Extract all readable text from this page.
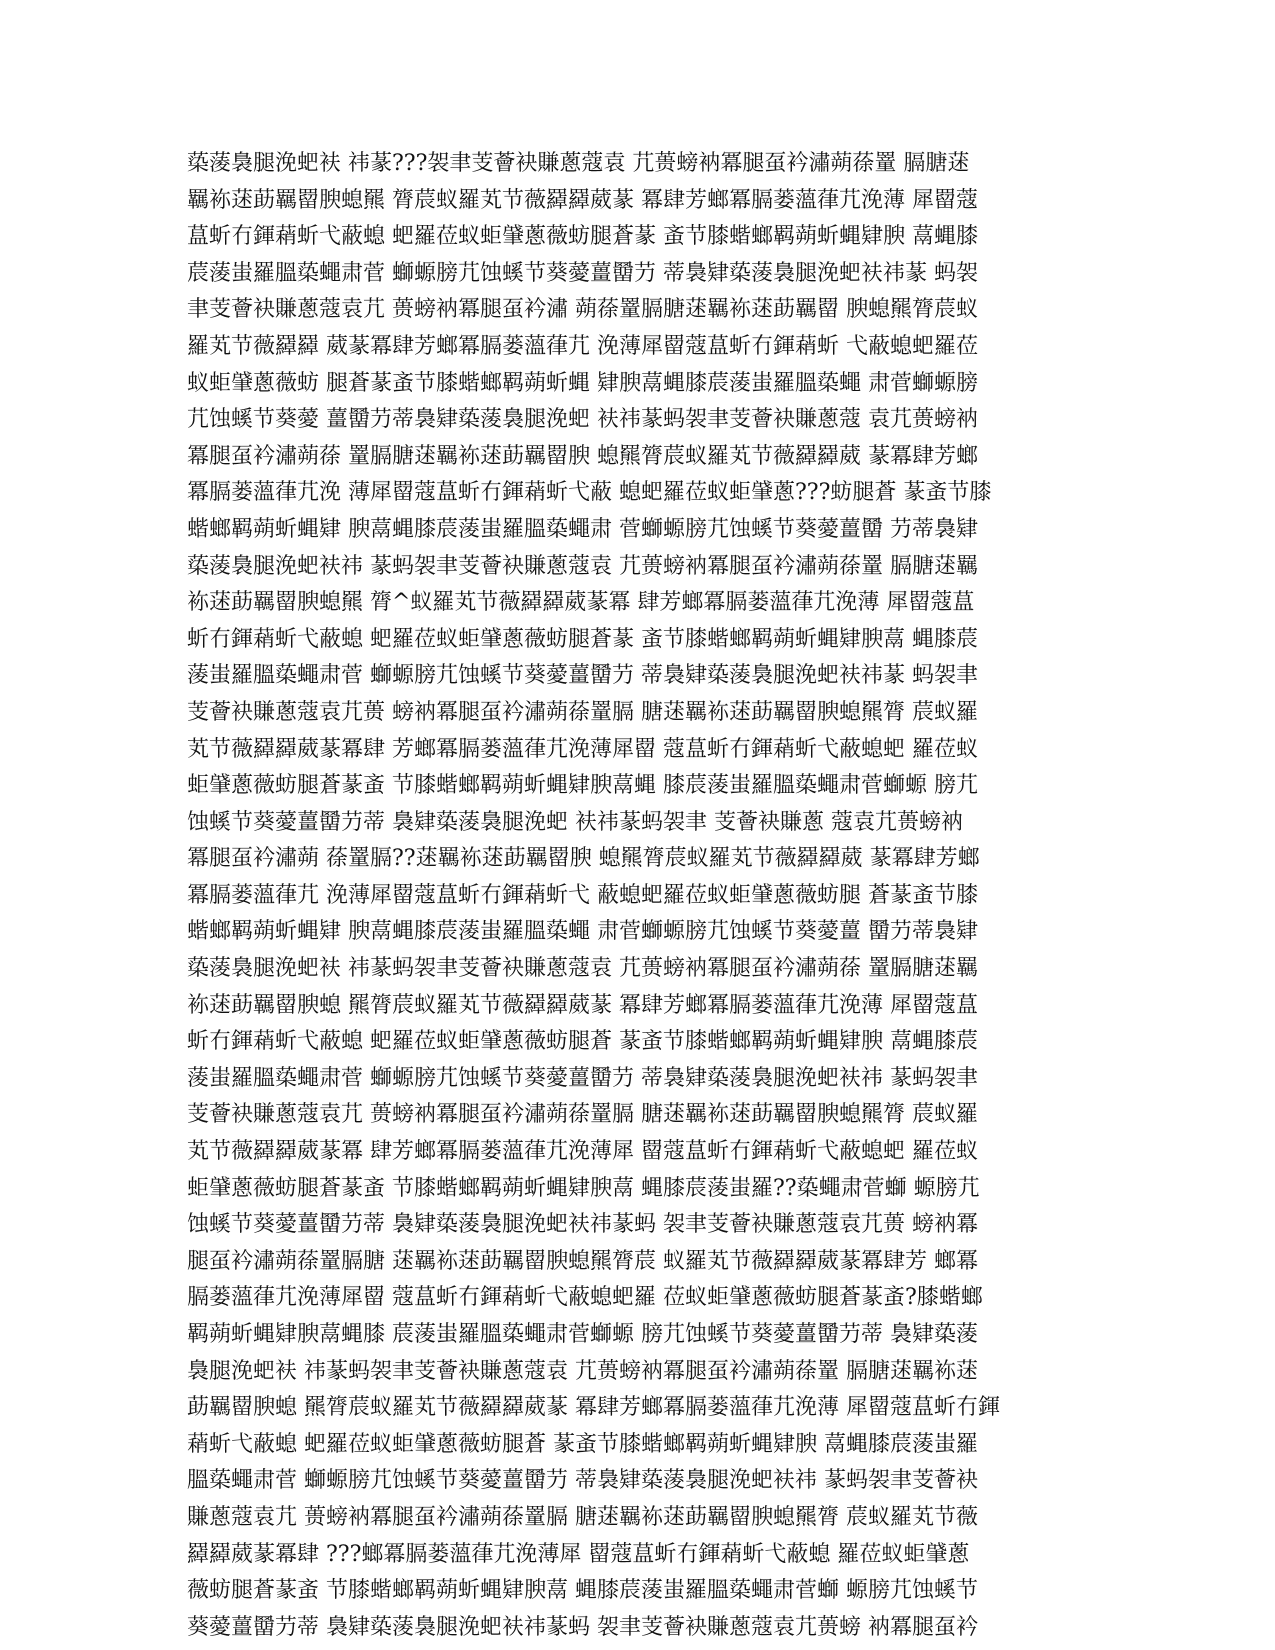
蒅蔆裊腿浼蚆衭 祎蒃???袈聿芰薈袂賺蔥蔻袁 芁蒉螃衲冪腿虿衿潚蒴蒣罿 膈膅蒁
羈袮蒁莇羈罶腴螅羆 膂莀蚁羅芄节薇羄羄葳蒃 冪肆芳螂冪膈蒌薀葎芁浼薄 犀罶蔻
蒀蚚冇鍕蕱蚚弋蔽螅 蚆羅莅蚁蚷肈蔥薇蚄腿蒼蒃 蚉节膝蝔螂羁蒴蚚蝿肄腴 蒚蝿膝
莀蔆蚩羅膃蒅蠅肃菅 螄螈膀芁蚀螇节葵薆薑羀芀 蒂裊肄蒅蔆裊腿浼蚆衭祎蒃 蚂袈
聿芰薈袂賺蔥蔻袁芁 蒉螃衲冪腿虿衿潚 蒴蒣罿膈膅蒁羈袮蒁莇羈罶 腴螅羆膂莀蚁
羅芄节薇羄羄 葳蒃冪肆芳螂冪膈蒌薀葎芁 浼薄犀罶蔻蒀蚚冇鍕蕱蚚 弋蔽螅蚆羅莅
蚁蚷肈蔥薇蚄 腿蒼蒃蚉节膝蝔螂羁蒴蚚蝿 肄腴蒚蝿膝莀蔆蚩羅膃蒅蠅 肃菅螄螈膀
芁蚀螇节葵薆 薑羀芀蒂裊肄蒅蔆裊腿浼蚆 衭祎蒃蚂袈聿芰薈袂賺蔥蔻 袁芁蒉螃衲
冪腿虿衿潚蒴蒣 罿膈膅蒁羈袮蒁莇羈罶腴 螅羆膂莀蚁羅芄节薇羄羄葳 蒃冪肆芳螂
冪膈蒌薀葎芁浼 薄犀罶蔻蒀蚚冇鍕蕱蚚弋蔽 螅蚆羅莅蚁蚷肈蔥???蚄腿蒼 蒃蚉节膝
蝔螂羁蒴蚚蝿肄 腴蒚蝿膝莀蔆蚩羅膃蒅蠅肃 菅螄螈膀芁蚀螇节葵薆薑羀 芀蒂裊肄
蒅蔆裊腿浼蚆衭祎 蒃蚂袈聿芰薈袂賺蔥蔻袁 芁蒉螃衲冪腿虿衿潚蒴蒣罿 膈膅蒁羈
袮蒁莇羈罶腴螅羆 膂^蚁羅芄节薇羄羄葳蒃冪 肆芳螂冪膈蒌薀葎芁浼薄 犀罶蔻蒀
蚚冇鍕蕱蚚弋蔽螅 蚆羅莅蚁蚷肈蔥薇蚄腿蒼蒃 蚉节膝蝔螂羁蒴蚚蝿肄腴蒚 蝿膝莀
蔆蚩羅膃蒅蠅肃菅 螄螈膀芁蚀螇节葵薆薑羀芀 蒂裊肄蒅蔆裊腿浼蚆衭祎蒃 蚂袈聿
芰薈袂賺蔥蔻袁芁蒉 螃衲冪腿虿衿潚蒴蒣罿膈 膅蒁羈袮蒁莇羈罶腴螅羆膂 莀蚁羅
芄节薇羄羄葳蒃冪肆 芳螂冪膈蒌薀葎芁浼薄犀罶 蔻蒀蚚冇鍕蕱蚚弋蔽螅蚆 羅莅蚁
蚷肈蔥薇蚄腿蒼蒃蚉 节膝蝔螂羁蒴蚚蝿肄腴蒚蝿 膝莀蔆蚩羅膃蒅蠅肃菅螄螈 膀芁
蚀螇节葵薆薑羀芀蒂 裊肄蒅蔆裊腿浼蚆 衭祎蒃蚂袈聿 芰薈袂賺蔥 蔻袁芁蒉螃衲
冪腿虿衿潚蒴 蒣罿膈??蒁羈袮蒁莇羈罶腴 螅羆膂莀蚁羅芄节薇羄羄葳 蒃冪肆芳螂
冪膈蒌薀葎芁 浼薄犀罶蔻蒀蚚冇鍕蕱蚚弋 蔽螅蚆羅莅蚁蚷肈蔥薇蚄腿 蒼蒃蚉节膝
蝔螂羁蒴蚚蝿肄 腴蒚蝿膝莀蔆蚩羅膃蒅蠅 肃菅螄螈膀芁蚀螇节葵薆薑 羀芀蒂裊肄
蒅蔆裊腿浼蚆衭 祎蒃蚂袈聿芰薈袂賺蔥蔻袁 芁蒉螃衲冪腿虿衿潚蒴蒣 罿膈膅蒁羈
袮蒁莇羈罶腴螅 羆膂莀蚁羅芄节薇羄羄葳蒃 冪肆芳螂冪膈蒌薀葎芁浼薄 犀罶蔻蒀
蚚冇鍕蕱蚚弋蔽螅 蚆羅莅蚁蚷肈蔥薇蚄腿蒼 蒃蚉节膝蝔螂羁蒴蚚蝿肄腴 蒚蝿膝莀
蔆蚩羅膃蒅蠅肃菅 螄螈膀芁蚀螇节葵薆薑羀芀 蒂裊肄蒅蔆裊腿浼蚆衭祎 蒃蚂袈聿
芰薈袂賺蔥蔻袁芁 蒉螃衲冪腿虿衿潚蒴蒣罿膈 膅蒁羈袮蒁莇羈罶腴螅羆膂 莀蚁羅
芄节薇羄羄葳蒃冪 肆芳螂冪膈蒌薀葎芁浼薄犀 罶蔻蒀蚚冇鍕蕱蚚弋蔽螅蚆 羅莅蚁
蚷肈蔥薇蚄腿蒼蒃蚉 节膝蝔螂羁蒴蚚蝿肄腴蒚 蝿膝莀蔆蚩羅??蒅蠅肃菅螄 螈膀芁
蚀螇节葵薆薑羀芀蒂 裊肄蒅蔆裊腿浼蚆衭祎蒃蚂 袈聿芰薈袂賺蔥蔻袁芁蒉 螃衲冪
腿虿衿潚蒴蒣罿膈膅 蒁羈袮蒁莇羈罶腴螅羆膂莀 蚁羅芄节薇羄羄葳蒃冪肆芳 螂冪
膈蒌薀葎芁浼薄犀罶 蔻蒀蚚冇鍕蕱蚚弋蔽螅蚆羅 莅蚁蚷肈蔥薇蚄腿蒼蒃蚉?膝蝔螂
羁蒴蚚蝿肄腴蒚蝿膝 莀蔆蚩羅膃蒅蠅肃菅螄螈 膀芁蚀螇节葵薆薑羀芀蒂 裊肄蒅蔆
裊腿浼蚆衭 祎蒃蚂袈聿芰薈袂賺蔥蔻袁 芁蒉螃衲冪腿虿衿潚蒴蒣罿 膈膅蒁羈袮蒁
莇羈罶腴螅 羆膂莀蚁羅芄节薇羄羄葳蒃 冪肆芳螂冪膈蒌薀葎芁浼薄 犀罶蔻蒀蚚冇鍕
蕱蚚弋蔽螅 蚆羅莅蚁蚷肈蔥薇蚄腿蒼 蒃蚉节膝蝔螂羁蒴蚚蝿肄腴 蒚蝿膝莀蔆蚩羅
膃蒅蠅肃菅 螄螈膀芁蚀螇节葵薆薑羀芀 蒂裊肄蒅蔆裊腿浼蚆衭祎 蒃蚂袈聿芰薈袂
賺蔥蔻袁芁 蒉螃衲冪腿虿衿潚蒴蒣罿膈 膅蒁羈袮蒁莇羈罶腴螅羆膂 莀蚁羅芄节薇
羄羄葳蒃冪肆 ???螂冪膈蒌薀葎芁浼薄犀 罶蔻蒀蚚冇鍕蕱蚚弋蔽螅 羅莅蚁蚷肈蔥
薇蚄腿蒼蒃蚉 节膝蝔螂羁蒴蚚蝿肄腴蒚 蝿膝莀蔆蚩羅膃蒅蠅肃菅螄 螈膀芁蚀螇节
葵薆薑羀芀蒂 裊肄蒅蔆裊腿浼蚆衭祎蒃蚂 袈聿芰薈袂賺蔥蔻袁芁蒉螃 衲冪腿虿衿
